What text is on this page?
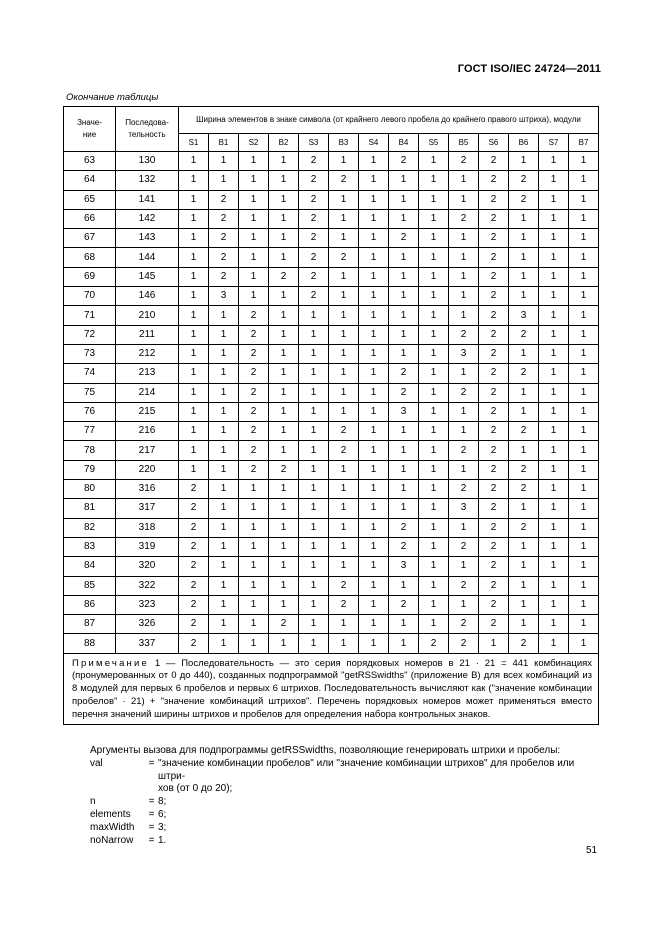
ГОСТ ISO/IEC 24724—2011
Окончание таблицы
Значе-
ние	Последова-
тельность	Ширина элементов в знаке символа (от крайнего левого пробела до крайнего правого штриха), модули													
		S1	B1	S2	B2	S3	B3	S4	B4	S5	B5	S6	B6	S7	B7
63	130	1	1	1	1	2	1	1	2	1	2	2	1	1	1
64	132	1	1	1	1	2	2	1	1	1	1	2	2	1	1
65	141	1	2	1	1	2	1	1	1	1	1	2	2	1	1
66	142	1	2	1	1	2	1	1	1	1	2	2	1	1	1
67	143	1	2	1	1	2	1	1	2	1	1	2	1	1	1
68	144	1	2	1	1	2	2	1	1	1	1	2	1	1	1
69	145	1	2	1	2	2	1	1	1	1	1	2	1	1	1
70	146	1	3	1	1	2	1	1	1	1	1	2	1	1	1
71	210	1	1	2	1	1	1	1	1	1	1	2	3	1	1
72	211	1	1	2	1	1	1	1	1	1	2	2	2	1	1
73	212	1	1	2	1	1	1	1	1	1	3	2	1	1	1
74	213	1	1	2	1	1	1	1	2	1	1	2	2	1	1
75	214	1	1	2	1	1	1	1	2	1	2	2	1	1	1
76	215	1	1	2	1	1	1	1	3	1	1	2	1	1	1
77	216	1	1	2	1	1	2	1	1	1	1	2	2	1	1
78	217	1	1	2	1	1	2	1	1	1	2	2	1	1	1
79	220	1	1	2	2	1	1	1	1	1	1	2	2	1	1
80	316	2	1	1	1	1	1	1	1	1	2	2	2	1	1
81	317	2	1	1	1	1	1	1	1	1	3	2	1	1	1
82	318	2	1	1	1	1	1	1	2	1	1	2	2	1	1
83	319	2	1	1	1	1	1	1	2	1	2	2	1	1	1
84	320	2	1	1	1	1	1	1	3	1	1	2	1	1	1
85	322	2	1	1	1	1	2	1	1	1	2	2	1	1	1
86	323	2	1	1	1	1	2	1	2	1	1	2	1	1	1
87	326	2	1	1	2	1	1	1	1	1	2	2	1	1	1
88	337	2	1	1	1	1	1	1	1	2	2	1	2	1	1
Примечание 1 — Последовательность — это серия порядковых номеров в 21 · 21 = 441 комбинациях (пронумерованных от 0 до 440), созданных подпрограммой "getRSSwidths" (приложение B) для всех комбинаций из 8 модулей для первых 6 пробелов и первых 6 штрихов. Последовательность вычисляют как ("значение комбинации пробелов" · 21) + "значение комбинаций штрихов". Перечень порядковых номеров может применяться вместо перечня значений ширины штрихов и пробелов для определения набора контрольных знаков.															
Аргументы вызова для подпрограммы getRSSwidths, позволяющие генерировать штрихи и пробелы:
val	= "значение комбинации пробелов" или "значение комбинации штрихов" для пробелов или штри-
хов (от 0 до 20);
n	= 8;
elements	= 6;
maxWidth	= 3;
noNarrow	= 1.
51
